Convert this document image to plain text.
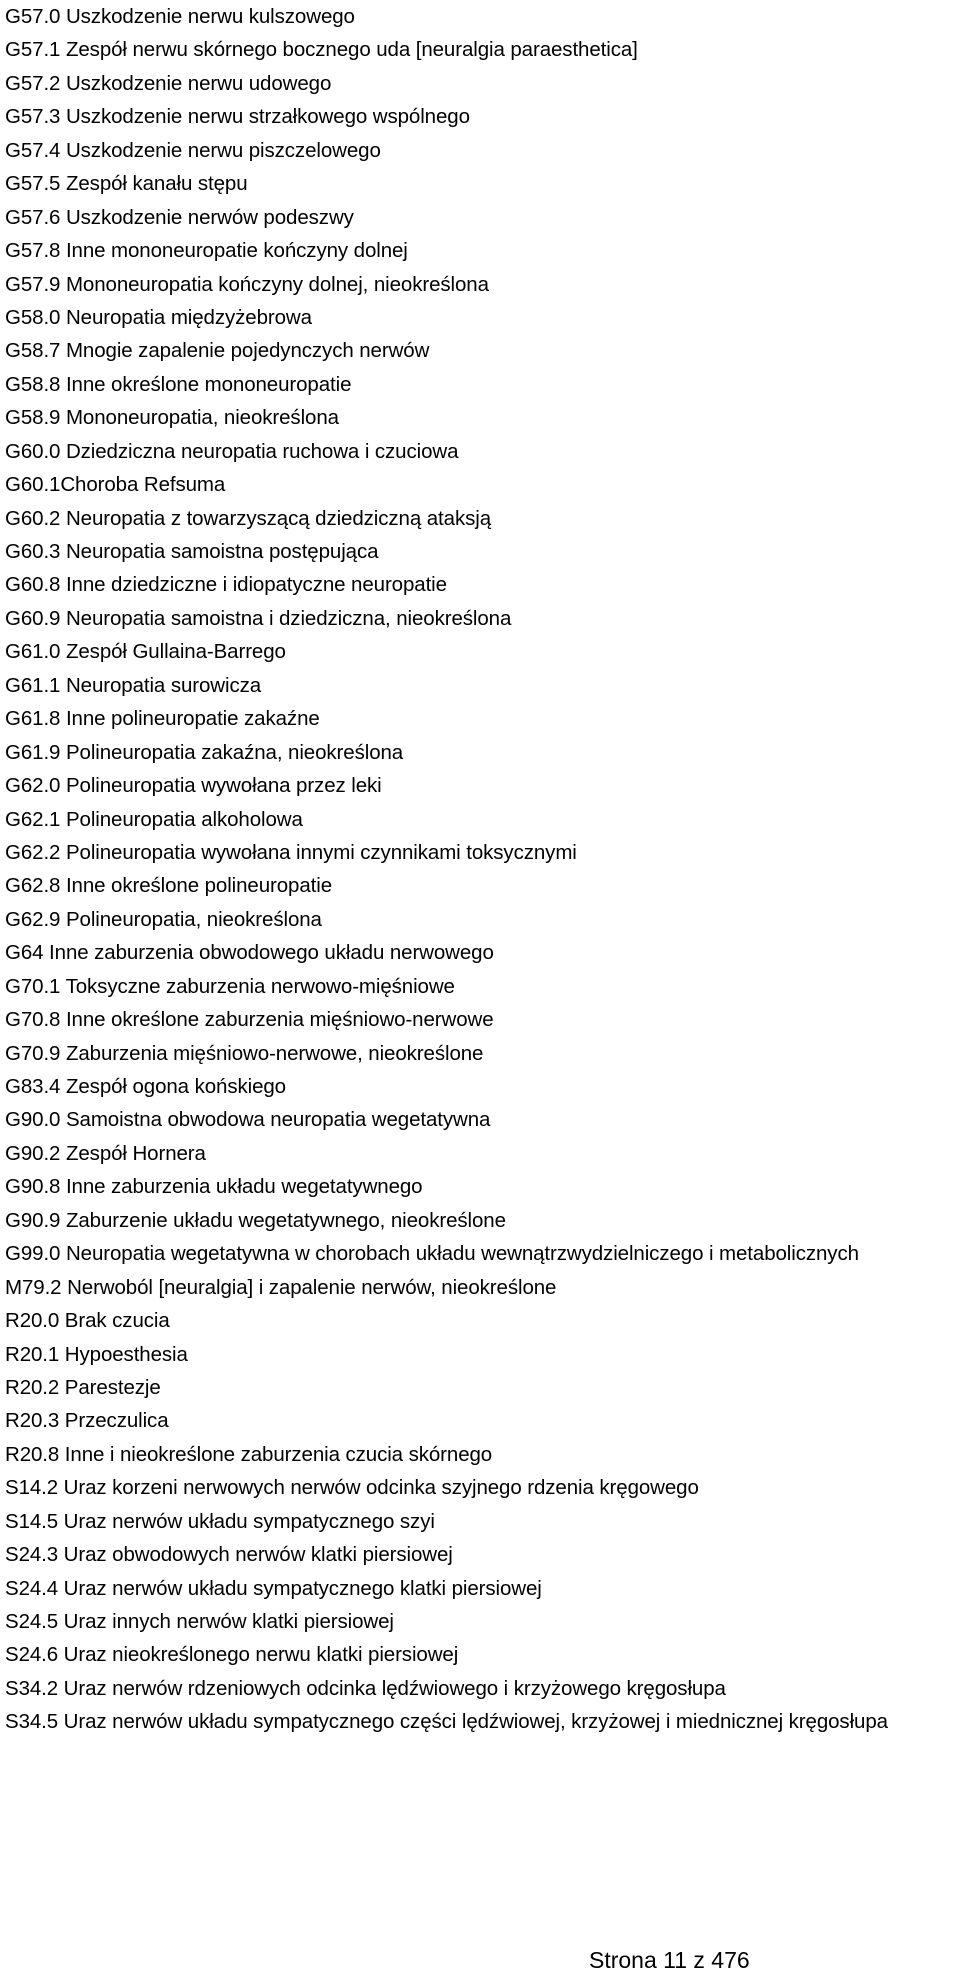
G57.0 Uszkodzenie nerwu kulszowego
G57.1 Zespół nerwu skórnego bocznego uda [neuralgia paraesthetica]
G57.2 Uszkodzenie nerwu udowego
G57.3 Uszkodzenie nerwu strzałkowego wspólnego
G57.4 Uszkodzenie nerwu piszczelowego
G57.5 Zespół kanału stępu
G57.6 Uszkodzenie nerwów podeszwy
G57.8 Inne mononeuropatie kończyny dolnej
G57.9 Mononeuropatia kończyny dolnej, nieokreślona
G58.0 Neuropatia międzyżebrowa
G58.7 Mnogie zapalenie pojedynczych nerwów
G58.8 Inne określone mononeuropatie
G58.9 Mononeuropatia, nieokreślona
G60.0 Dziedziczna neuropatia ruchowa i czuciowa
G60.1Choroba Refsuma
G60.2 Neuropatia z towarzyszącą dziedziczną ataksją
G60.3 Neuropatia samoistna postępująca
G60.8 Inne dziedziczne i idiopatyczne neuropatie
G60.9 Neuropatia samoistna i dziedziczna, nieokreślona
G61.0 Zespół Gullaina-Barrego
G61.1 Neuropatia surowicza
G61.8 Inne polineuropatie zakaźne
G61.9 Polineuropatia zakaźna, nieokreślona
G62.0 Polineuropatia wywołana przez leki
G62.1 Polineuropatia alkoholowa
G62.2 Polineuropatia wywołana innymi czynnikami toksycznymi
G62.8 Inne określone polineuropatie
G62.9 Polineuropatia, nieokreślona
G64 Inne zaburzenia obwodowego układu nerwowego
G70.1 Toksyczne zaburzenia nerwowo-mięśniowe
G70.8 Inne określone zaburzenia mięśniowo-nerwowe
G70.9 Zaburzenia mięśniowo-nerwowe, nieokreślone
G83.4 Zespół ogona końskiego
G90.0 Samoistna obwodowa neuropatia wegetatywna
G90.2 Zespół Hornera
G90.8 Inne zaburzenia układu wegetatywnego
G90.9 Zaburzenie układu wegetatywnego, nieokreślone
G99.0 Neuropatia wegetatywna w chorobach układu wewnątrzwydzielniczego i metabolicznych
M79.2 Nerwoból [neuralgia] i zapalenie nerwów, nieokreślone
R20.0 Brak czucia
R20.1 Hypoesthesia
R20.2 Parestezje
R20.3 Przeczulica
R20.8 Inne i nieokreślone zaburzenia czucia skórnego
S14.2 Uraz korzeni nerwowych nerwów odcinka szyjnego rdzenia kręgowego
S14.5 Uraz nerwów układu sympatycznego szyi
S24.3 Uraz obwodowych nerwów klatki piersiowej
S24.4 Uraz nerwów układu sympatycznego klatki piersiowej
S24.5 Uraz innych nerwów klatki piersiowej
S24.6 Uraz nieokreślonego nerwu klatki piersiowej
S34.2 Uraz nerwów rdzeniowych odcinka lędźwiowego i krzyżowego kręgosłupa
S34.5 Uraz nerwów układu sympatycznego części lędźwiowej, krzyżowej i miednicznej kręgosłupa
Strona 11 z 476
